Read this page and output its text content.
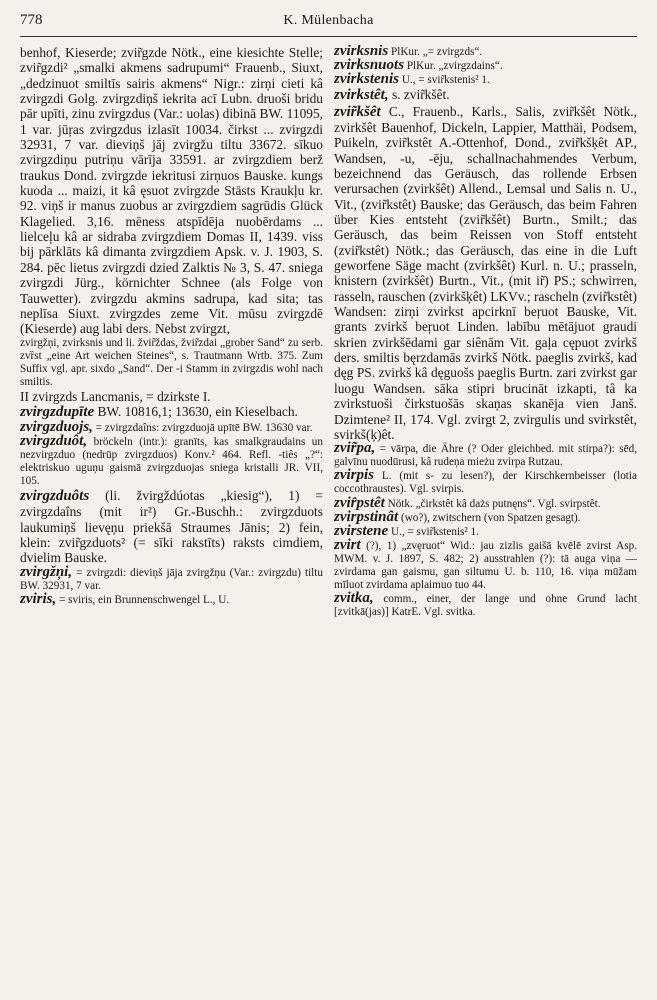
778	K. Mülenbacha

benhof, Kieserde; zvir̃gzde Nötk., eine kiesichte Stelle; zvir̃gzdi² „smalki akmens sadrupumi“ Frauenb., Siuxt, „dedzinuot smiltīs sairis akmens“ Nigr.: zirņi cieti kâ zvirgzdi Golg. zvirgzdiņš iekrita acī Lubn. druoši bridu pār upīti, zinu zvirgzdus (Var.: uolas) dibinā BW. 11095, 1 var. jūŗas zvirgzdus izlasīt 10034. čirkst ... zvirgzdi 32931, 7 var. dieviņš jāj zvirgžu tiltu 33672. sīkuo zvirgzdiņu putriņu vārīja 33591. ar zvirgzdiem berž traukus Dond. zvirgzde iekritusi zirņuos Bauske. kungs kuoda ... maizi, it kâ ęsuot zvirgzde Stästs Kraukļu kr. 92. viņš ir manus zuobus ar zvirgzdiem sagrūdis Glück Klagelied. 3,16. mēness atspīdēja nuobērdams ... lielceļu kâ ar sidraba zvirgzdiem Domas II, 1439. viss bij pārklāts kâ dimanta zvirgzdiem Apsk. v. J. 1903, S. 284. pēc lietus zvirgzdi dzied Zalktis № 3, S. 47. sniega zvirgzdi Jürg., körnichter Schnee (als Folge von Tauwetter). zvirgzdu akmins sadrupa, kad sita; tas neplīsa Siuxt. zvirgzdes zeme Vit. mūsu zvirgzdē (Kieserde) aug labi ders. Nebst zvirgzt,

zvirgžņi, zvirksnis und li. žvir̃ždas, žvir̃zdai „grober Sand“ zu serb. zvȑst „eine Art weichen Steines“, s. Trautmann Wrtb. 375. Zum Suffix vgl. apr. sixdo „Sand“. Der -i Stamm in zvirgzdis wohl nach smiltis.

II zvirgzds Lancmanis, = dzirkste I.

zvirgzdupīte BW. 10816,1; 13630, ein Kieselbach.

zvirgzduojs, = zvirgzdaîns: zvirgzduojā upītē BW. 13630 var.

zvirgzduôt, bröckeln (intr.): granīts, kas smalkgraudains un nezvirgzduo (nedrūp zvirgzduos) Konv.² 464. Refl. -tiês „?“: elektriskuo uguņu gaismā zvirgzduojas sniega kristalli JR. VII, 105.

zvirgzduôts (li. žvirgždúotas „kiesig“), 1) = zvirgzdaîns (mit ir²) Gr.-Buschh.: zvirgzduots laukumiņš lievęņu priekšā Straumes Jānis; 2) fein, klein: zvir̃gzduots² (= sīki rakstīts) raksts cimdiem, dvielim Bauske.

zvirgžņi, = zvirgzdi: dieviņš jāja zvirgžņu (Var.: zvirgzdu) tiltu BW. 32931, 7 var.

zviris, = sviris, ein Brunnenschwengel L., U.

zvirksnis PlKur. „= zvirgzds“.

zvirksnuots PlKur. „zvirgzdains“.

zvirkstenis U., = svir̃kstenis² 1.

zvirkstêt, s. zvir̃kšêt.

zvir̃kšêt C., Frauenb., Karls., Salis, zvir̃kšêt Nötk., zvirkšêt Bauenhof, Dickeln, Lappier, Matthäi, Podsem, Puikeln, zvir̃kstêt A.-Ottenhof, Dond., zvir̃kšķêt AP., Wandsen, -u, -ēju, schallnachahmendes Verbum, bezeichnend das Geräusch, das rollende Erbsen verursachen (zvirkšêt) Allend., Lemsal und Salis n. U., Vit., (zvir̃kstêt) Bauske; das Geräusch, das beim Fahren über Kies entsteht (zvir̃kšêt) Burtn., Smilt.; das Geräusch, das beim Reissen von Stoff entsteht (zvir̃kstêt) Nötk.; das Geräusch, das eine in die Luft geworfene Säge macht (zvirkšêt) Kurl. n. U.; prasseln, knistern (zvirkšêt) Burtn., Vit., (mit ir̃) PS.; schwirren, rasseln, rauschen (zvirkšķêt) LKVv.; rascheln (zvir̃kstêt) Wandsen: zirņi zvirkst apcirknī beŗuot Bauske, Vit. grants zvirkš beŗuot Linden. labību mētājuot graudi skrien zvirkšēdami gar siênām Vit. gaļa cępuot zvirkš ders. smiltis bęrzdamās zvirkš Nötk. paeglis zvirkš, kad dęg PS. zvirkš kâ dęguošs paeglis Burtn. zari zvirkst gar luogu Wandsen. sāka stipri brucināt izkapti, tâ ka zvirkstuoši čirkstuošās skaņas skanēja vien Janš. Dzimtene² II, 174. Vgl. zvirgt 2, zvirgulis und svirkstêt, svirkš(ķ)êt.

zvir̃pa, = vārpa, die Ähre (? Oder gleichbed. mit stirpa?): sēd, galvīnu nuodūrusi, kâ rudeņa mieżu zvirpa Rutzau.

zvirpis L. (mit s- zu lesen?), der Kirschkernbeisser (lotia coccothraustes). Vgl. svirpis.

zvir̂pstêt Nötk. „čirkstêt kâ dażs putnęns“. Vgl. svirpstêt.

zvirpstinât (wo?), zwitschern (von Spatzen gesagt).

zvirstene U., = svir̃kstenis² 1.

zvirt (?), 1) „zvęruot“ Wid.: jau zizlis gaišā kvēlē zvirst Asp. MWM. v. J. 1897, S. 482; 2) ausstrahlen (?): tā auga viņa — zvirdama gan gaismu, gan siltumu U. b. 110, 16. viņa mūžam mīluot zvirdama aplaimuo tuo 44.

zvitka, comm., einer, der lange und ohne Grund lacht [zvitkā(jas)] KatrE. Vgl. svitka.
